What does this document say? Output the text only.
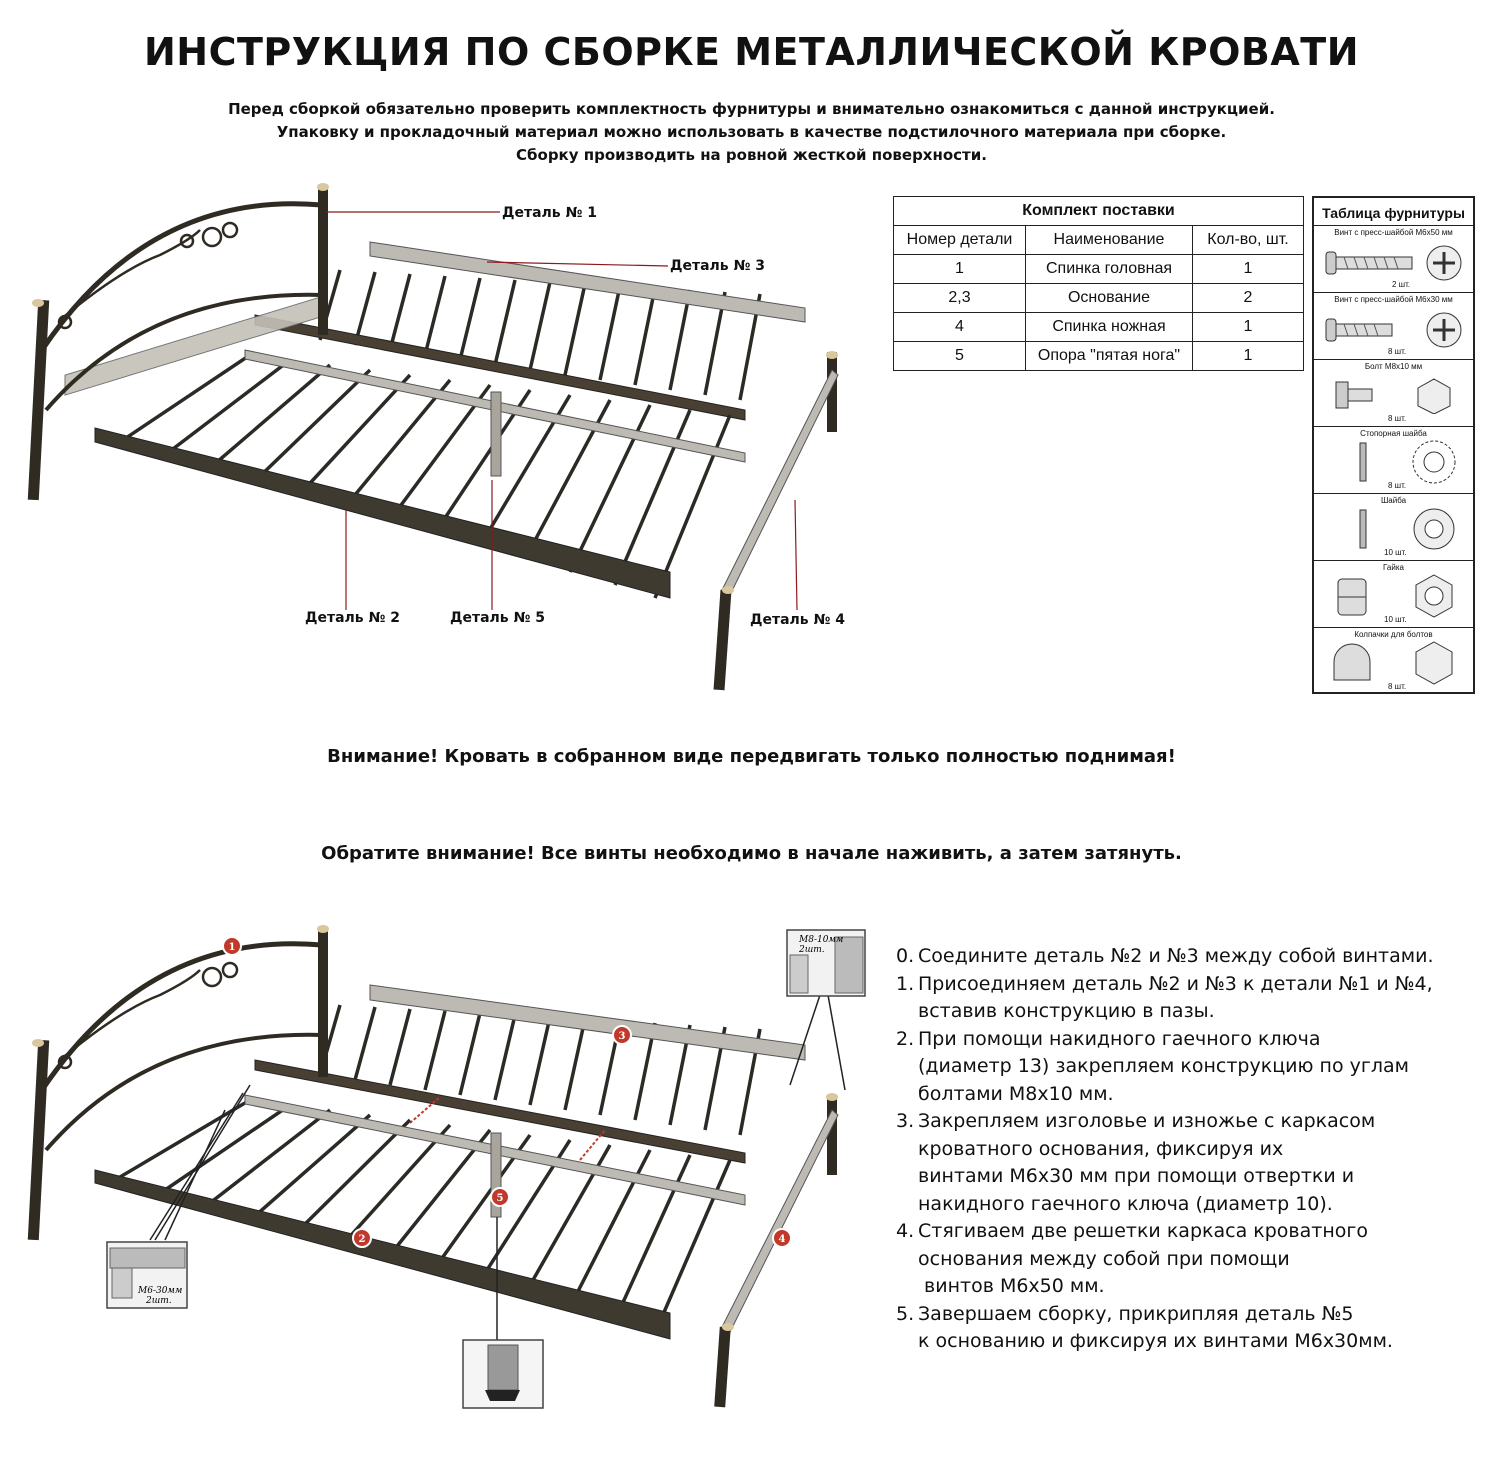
ИНСТРУКЦИЯ ПО СБОРКЕ МЕТАЛЛИЧЕСКОЙ КРОВАТИ
Перед сборкой обязательно проверить комплектность фурнитуры и внимательно ознакомиться с данной инструкцией.
Упаковку и прокладочный материал можно использовать в качестве подстилочного материала при сборке.
Сборку производить на ровной жесткой поверхности.
Деталь № 1
Деталь № 3
Деталь № 2	Деталь № 5	Деталь № 4
Комплект поставки		
Номер детали	Наименование	Кол-во, шт.
1	Спинка головная	1
2,3	Основание	2
4	Спинка ножная	1
5	Опора "пятая нога"	1
Таблица фурнитуры
Винт с пресс-шайбой М6х50 мм
2 шт.
Винт с пресс-шайбой М6х30 мм
8 шт.
Болт М8х10 мм
8 шт.
Стопорная шайба
8 шт.
Шайба
10 шт.
Гайка
10 шт.
Колпачки для болтов
8 шт.
Внимание! Кровать в собранном виде передвигать только полностью поднимая!
Обратите внимание! Все винты необходимо в начале наживить, а затем затянуть.
М8-10мм
2шт.
М6-30мм
2шт.
1
3
5
2	4
0. Соедините деталь №2 и №3 между собой винтами.
1. Присоединяем деталь №2 и №3 к детали №1 и №4,
вставив конструкцию в пазы.
2. При помощи накидного гаечного ключа
(диаметр 13) закрепляем конструкцию по углам
болтами М8х10 мм.
3. Закрепляем изголовье и изножье с каркасом
кроватного основания, фиксируя их
винтами М6х30 мм при помощи отвертки и
накидного гаечного ключа (диаметр 10).
4. Стягиваем две решетки каркаса кроватного
основания между собой при помощи
винтов М6х50 мм.
5. Завершаем сборку, прикрипляя деталь №5
к основанию и фиксируя их винтами М6х30мм.
